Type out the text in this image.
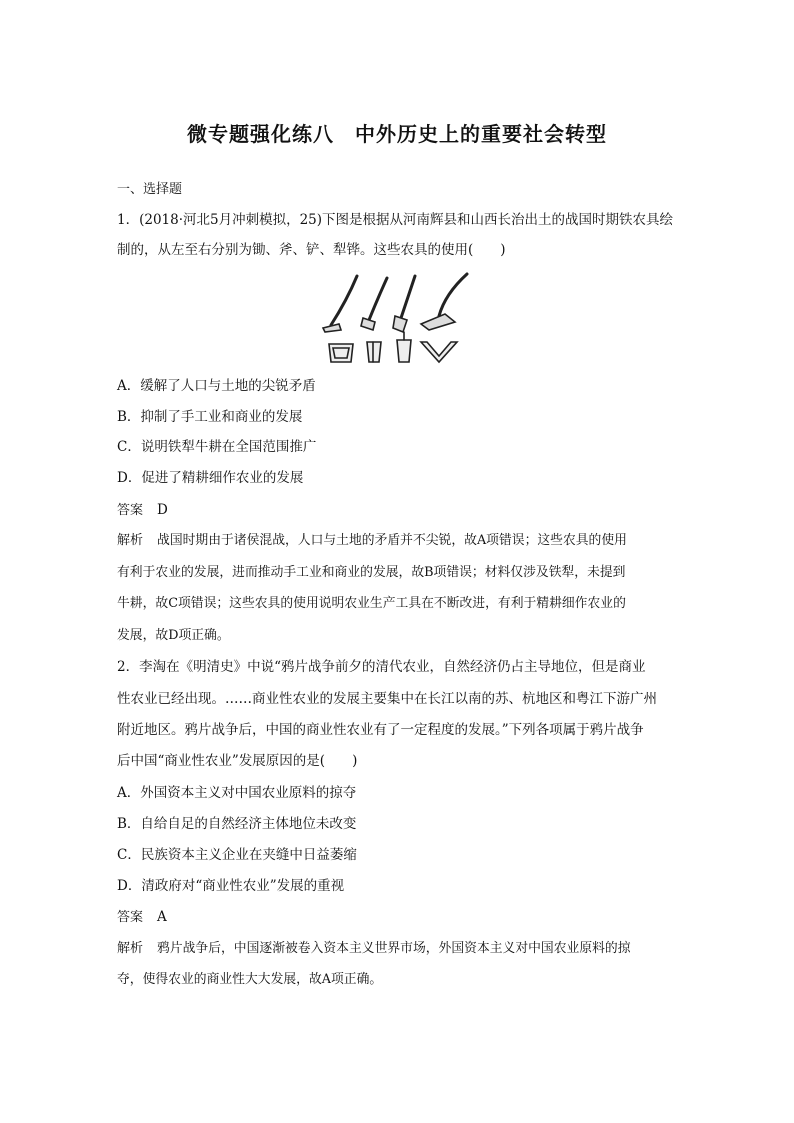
微专题强化练八　中外历史上的重要社会转型
一、选择题
1．(2018·河北5月冲刺模拟，25)下图是根据从河南辉县和山西长治出土的战国时期铁农具绘
制的，从左至右分别为锄、斧、铲、犁铧。这些农具的使用(　　)
A．缓解了人口与土地的尖锐矛盾
B．抑制了手工业和商业的发展
C．说明铁犁牛耕在全国范围推广
D．促进了精耕细作农业的发展
答案 D
解析 战国时期由于诸侯混战，人口与土地的矛盾并不尖锐，故A项错误；这些农具的使用
有利于农业的发展，进而推动手工业和商业的发展，故B项错误；材料仅涉及铁犁，未提到
牛耕，故C项错误；这些农具的使用说明农业生产工具在不断改进，有利于精耕细作农业的
发展，故D项正确。
2．李淘在《明清史》中说“鸦片战争前夕的清代农业，自然经济仍占主导地位，但是商业
性农业已经出现。……商业性农业的发展主要集中在长江以南的苏、杭地区和粤江下游广州
附近地区。鸦片战争后，中国的商业性农业有了一定程度的发展。”下列各项属于鸦片战争
后中国“商业性农业”发展原因的是(　　)
A．外国资本主义对中国农业原料的掠夺
B．自给自足的自然经济主体地位未改变
C．民族资本主义企业在夹缝中日益萎缩
D．清政府对“商业性农业”发展的重视
答案 A
解析 鸦片战争后，中国逐渐被卷入资本主义世界市场，外国资本主义对中国农业原料的掠
夺，使得农业的商业性大大发展，故A项正确。
